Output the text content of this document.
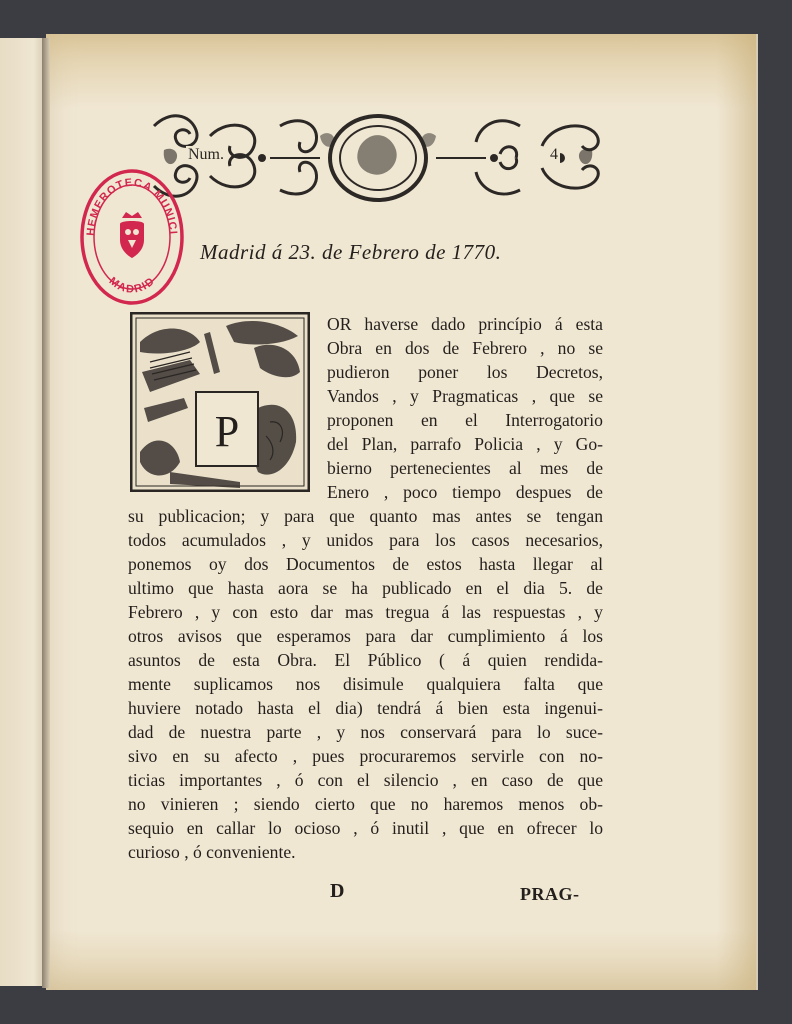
Num.	4
HEMEROTECA MUNICI
MADRID
Madrid á 23. de Febrero de 1770.
P
OR haverse dado princípio á esta
Obra en dos de Febrero , no se
pudieron poner los Decretos,
Vandos , y Pragmaticas , que se
proponen en el Interrogatorio
del Plan, parrafo Policia , y Go-
bierno pertenecientes al mes de
Enero , poco tiempo despues de
su publicacion; y para que quanto mas antes se tengan
todos acumulados , y unidos para los casos necesarios,
ponemos oy dos Documentos de estos hasta llegar al
ultimo que hasta aora se ha publicado en el dia 5. de
Febrero , y con esto dar mas tregua á las respuestas , y
otros avisos que esperamos para dar cumplimiento á los
asuntos de esta Obra. El Público ( á quien rendida-
mente suplicamos nos disimule qualquiera falta que
huviere notado hasta el dia) tendrá á bien esta ingenui-
dad de nuestra parte , y nos conservará para lo suce-
sivo en su afecto , pues procuraremos servirle con no-
ticias importantes , ó con el silencio , en caso de que
no vinieren ; siendo cierto que no haremos menos ob-
sequio en callar lo ocioso , ó inutil , que en ofrecer lo
curioso , ó conveniente.
D	PRAG-
